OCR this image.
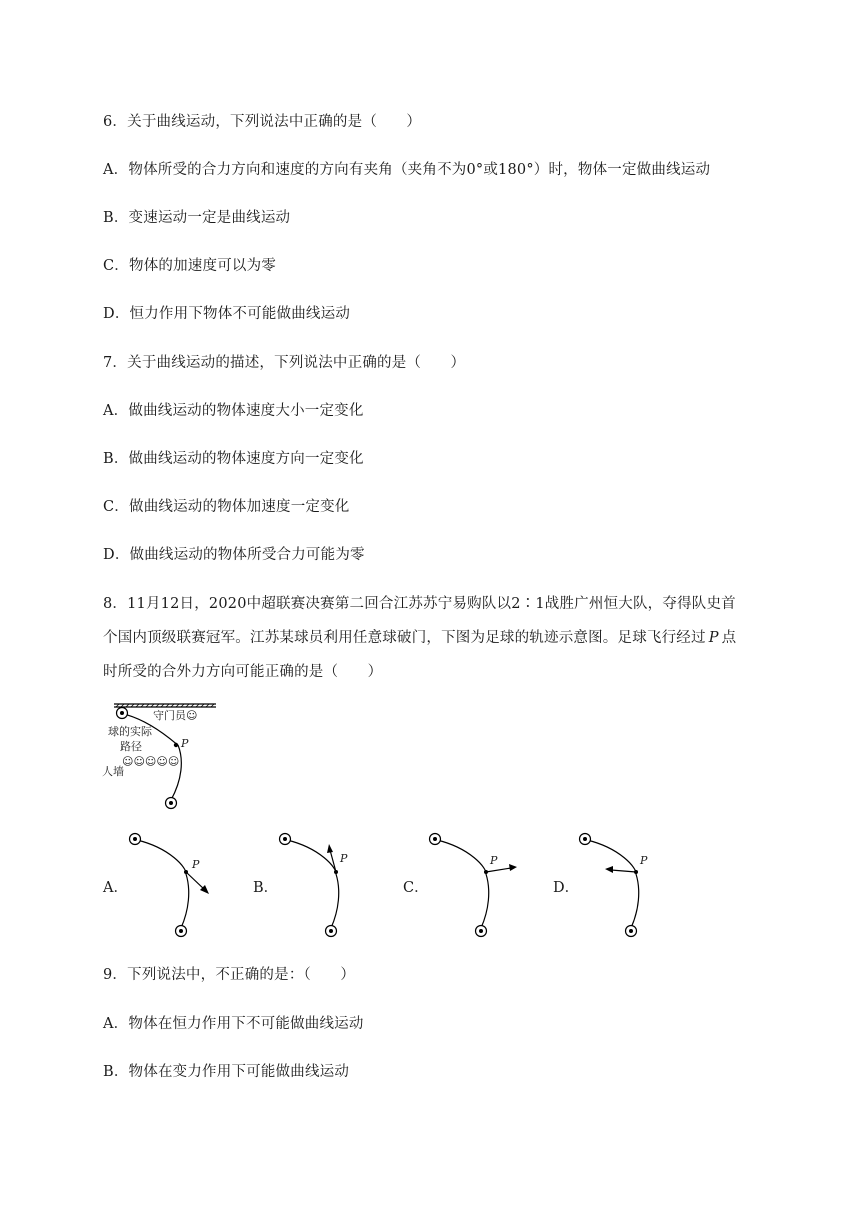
6．关于曲线运动，下列说法中正确的是（　　）
A．物体所受的合力方向和速度的方向有夹角（夹角不为0°或180°）时，物体一定做曲线运动
B．变速运动一定是曲线运动
C．物体的加速度可以为零
D．恒力作用下物体不可能做曲线运动
7．关于曲线运动的描述，下列说法中正确的是（　　）
A．做曲线运动的物体速度大小一定变化
B．做曲线运动的物体速度方向一定变化
C．做曲线运动的物体加速度一定变化
D．做曲线运动的物体所受合力可能为零
8．11月12日，2020中超联赛决赛第二回合江苏苏宁易购队以2∶1战胜广州恒大队，夺得队史首
个国内顶级联赛冠军。江苏某球员利用任意球破门，下图为足球的轨迹示意图。足球飞行经过 P 点
时所受的合外力方向可能正确的是（　　）
P
守门员☺
球的实际
路径
☺☺☺☺☺
人墙
A．
P
B．
P
C．
P
D．
P
9．下列说法中，不正确的是：（　　）
A．物体在恒力作用下不可能做曲线运动
B．物体在变力作用下可能做曲线运动
